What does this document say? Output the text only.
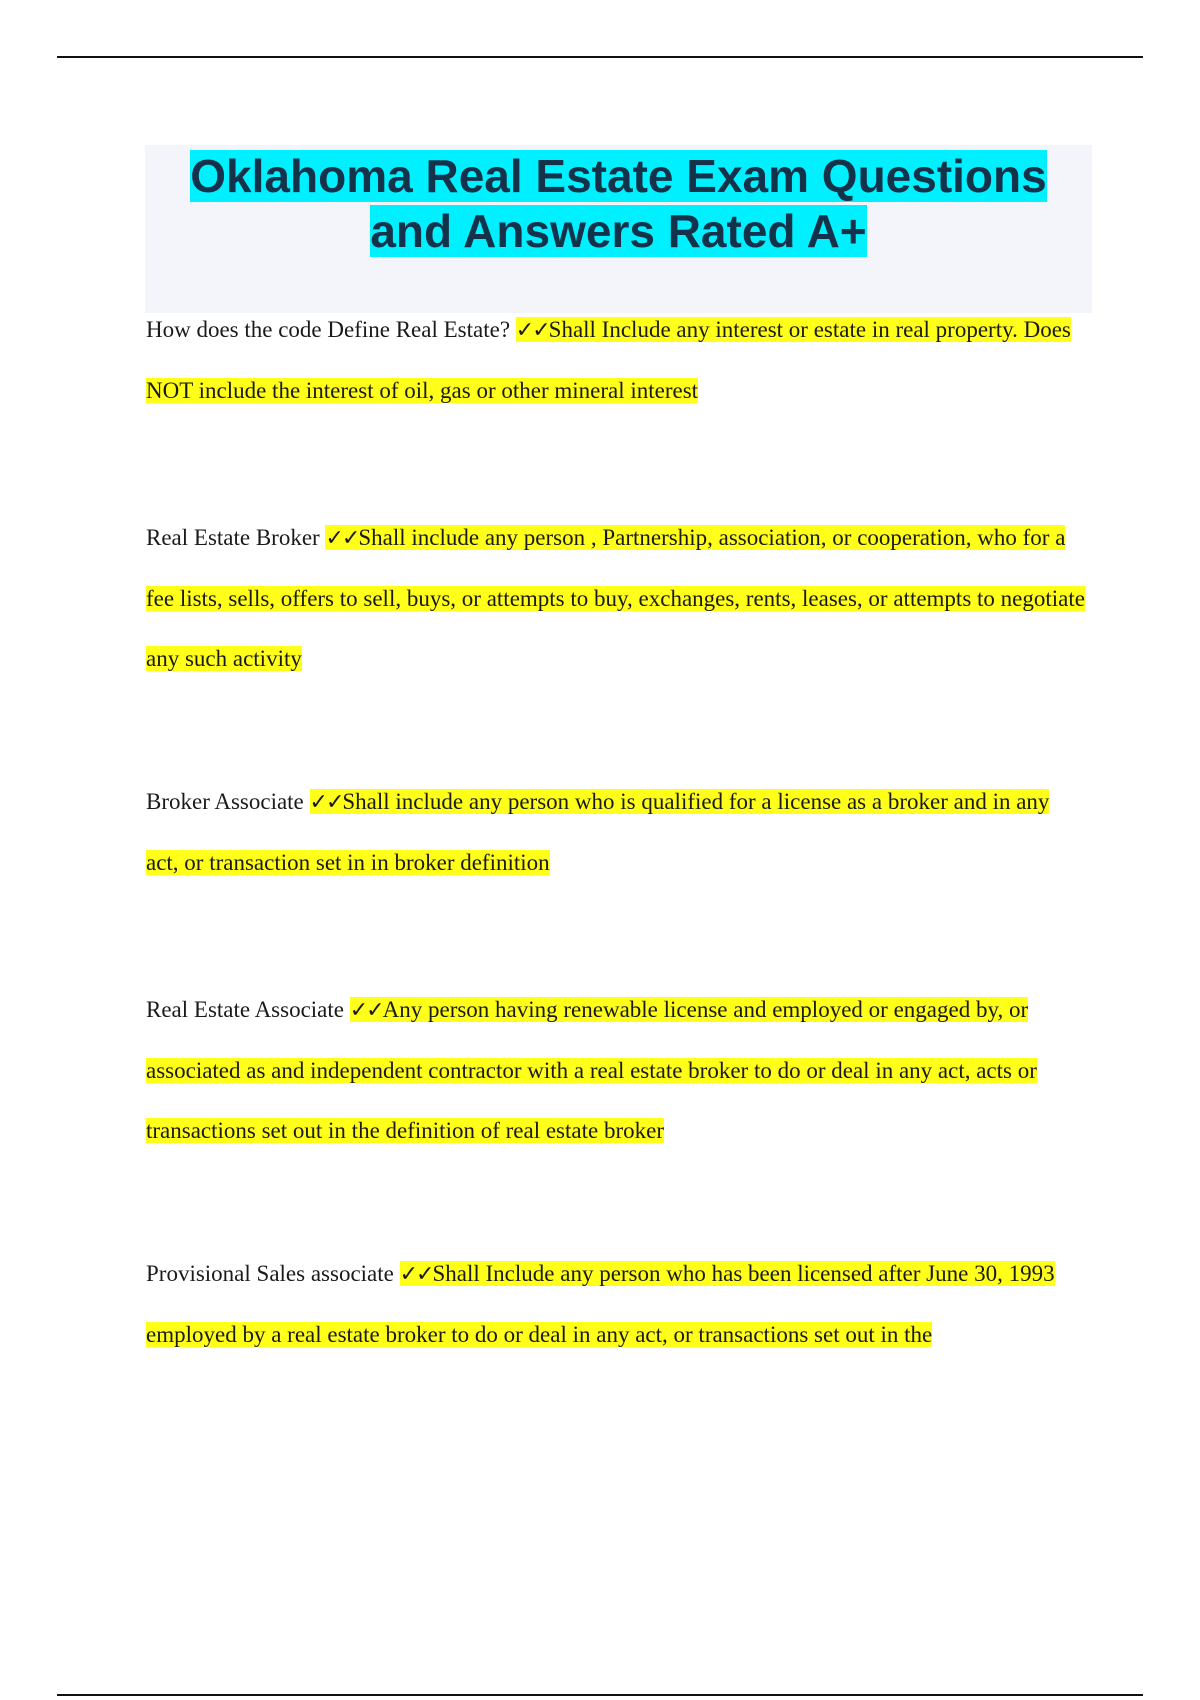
Oklahoma Real Estate Exam Questions
and Answers Rated A+

How does the code Define Real Estate? ✓✓Shall Include any interest or estate in real property. Does NOT include the interest of oil, gas or other mineral interest

Real Estate Broker ✓✓Shall include any person , Partnership, association, or cooperation, who for a fee lists, sells, offers to sell, buys, or attempts to buy, exchanges, rents, leases, or attempts to negotiate any such activity

Broker Associate ✓✓Shall include any person who is qualified for a license as a broker and in any act, or transaction set in in broker definition

Real Estate Associate ✓✓Any person having renewable license and employed or engaged by, or associated as and independent contractor with a real estate broker to do or deal in any act, acts or transactions set out in the definition of real estate broker

Provisional Sales associate ✓✓Shall Include any person who has been licensed after June 30, 1993 employed by a real estate broker to do or deal in any act, or transactions set out in the
